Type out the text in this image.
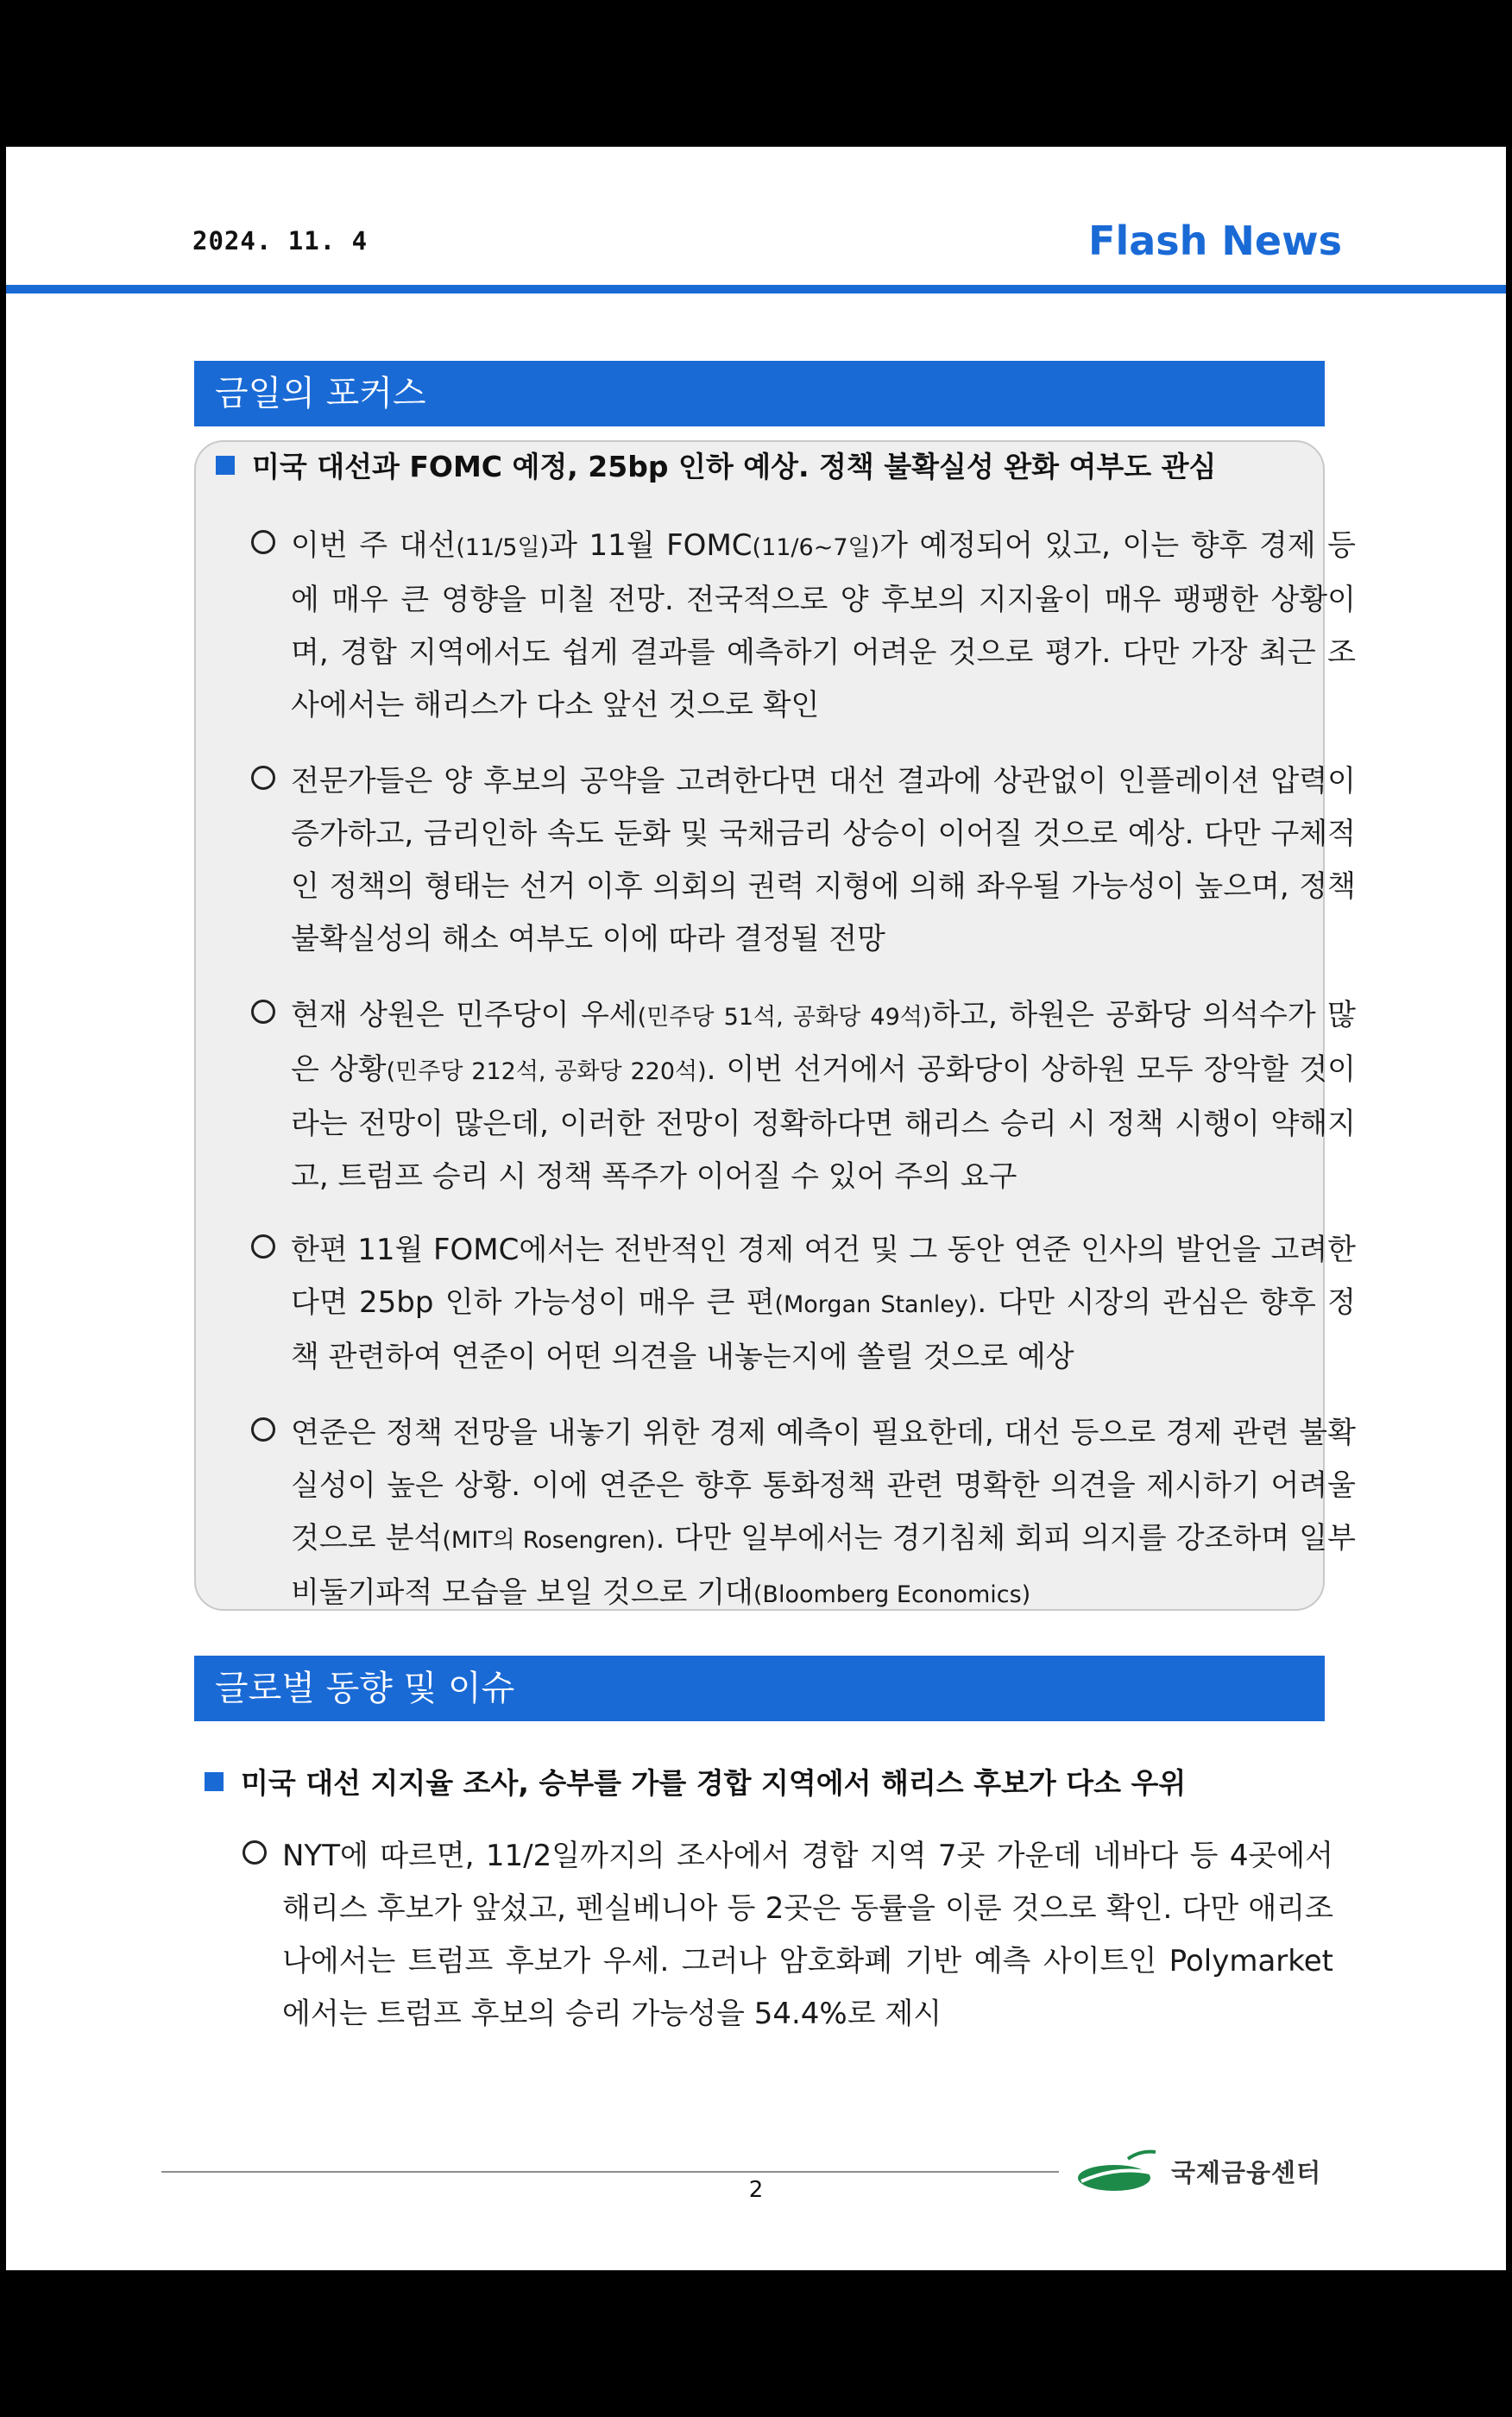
2024. 11. 4	Flash News
금일의 포커스
미국 대선과 FOMC 예정, 25bp 인하 예상. 정책 불확실성 완화 여부도 관심
이번 주 대선(11/5일)과 11월 FOMC(11/6~7일)가 예정되어 있고, 이는 향후 경제 등에 매우 큰 영향을 미칠 전망. 전국적으로 양 후보의 지지율이 매우 팽팽한 상황이며, 경합 지역에서도 쉽게 결과를 예측하기 어려운 것으로 평가. 다만 가장 최근 조사에서는 해리스가 다소 앞선 것으로 확인
전문가들은 양 후보의 공약을 고려한다면 대선 결과에 상관없이 인플레이션 압력이 증가하고, 금리인하 속도 둔화 및 국채금리 상승이 이어질 것으로 예상. 다만 구체적인 정책의 형태는 선거 이후 의회의 권력 지형에 의해 좌우될 가능성이 높으며, 정책 불확실성의 해소 여부도 이에 따라 결정될 전망
현재 상원은 민주당이 우세(민주당 51석, 공화당 49석)하고, 하원은 공화당 의석수가 많은 상황(민주당 212석, 공화당 220석). 이번 선거에서 공화당이 상하원 모두 장악할 것이라는 전망이 많은데, 이러한 전망이 정확하다면 해리스 승리 시 정책 시행이 약해지고, 트럼프 승리 시 정책 폭주가 이어질 수 있어 주의 요구
한편 11월 FOMC에서는 전반적인 경제 여건 및 그 동안 연준 인사의 발언을 고려한다면 25bp 인하 가능성이 매우 큰 편(Morgan Stanley). 다만 시장의 관심은 향후 정책 관련하여 연준이 어떤 의견을 내놓는지에 쏠릴 것으로 예상
연준은 정책 전망을 내놓기 위한 경제 예측이 필요한데, 대선 등으로 경제 관련 불확실성이 높은 상황. 이에 연준은 향후 통화정책 관련 명확한 의견을 제시하기 어려울 것으로 분석(MIT의 Rosengren). 다만 일부에서는 경기침체 회피 의지를 강조하며 일부 비둘기파적 모습을 보일 것으로 기대(Bloomberg Economics)
글로벌 동향 및 이슈
미국 대선 지지율 조사, 승부를 가를 경합 지역에서 해리스 후보가 다소 우위
NYT에 따르면, 11/2일까지의 조사에서 경합 지역 7곳 가운데 네바다 등 4곳에서 해리스 후보가 앞섰고, 펜실베니아 등 2곳은 동률을 이룬 것으로 확인. 다만 애리조나에서는 트럼프 후보가 우세. 그러나 암호화폐 기반 예측 사이트인 Polymarket에서는 트럼프 후보의 승리 가능성을 54.4%로 제시
국제금융센터
2
